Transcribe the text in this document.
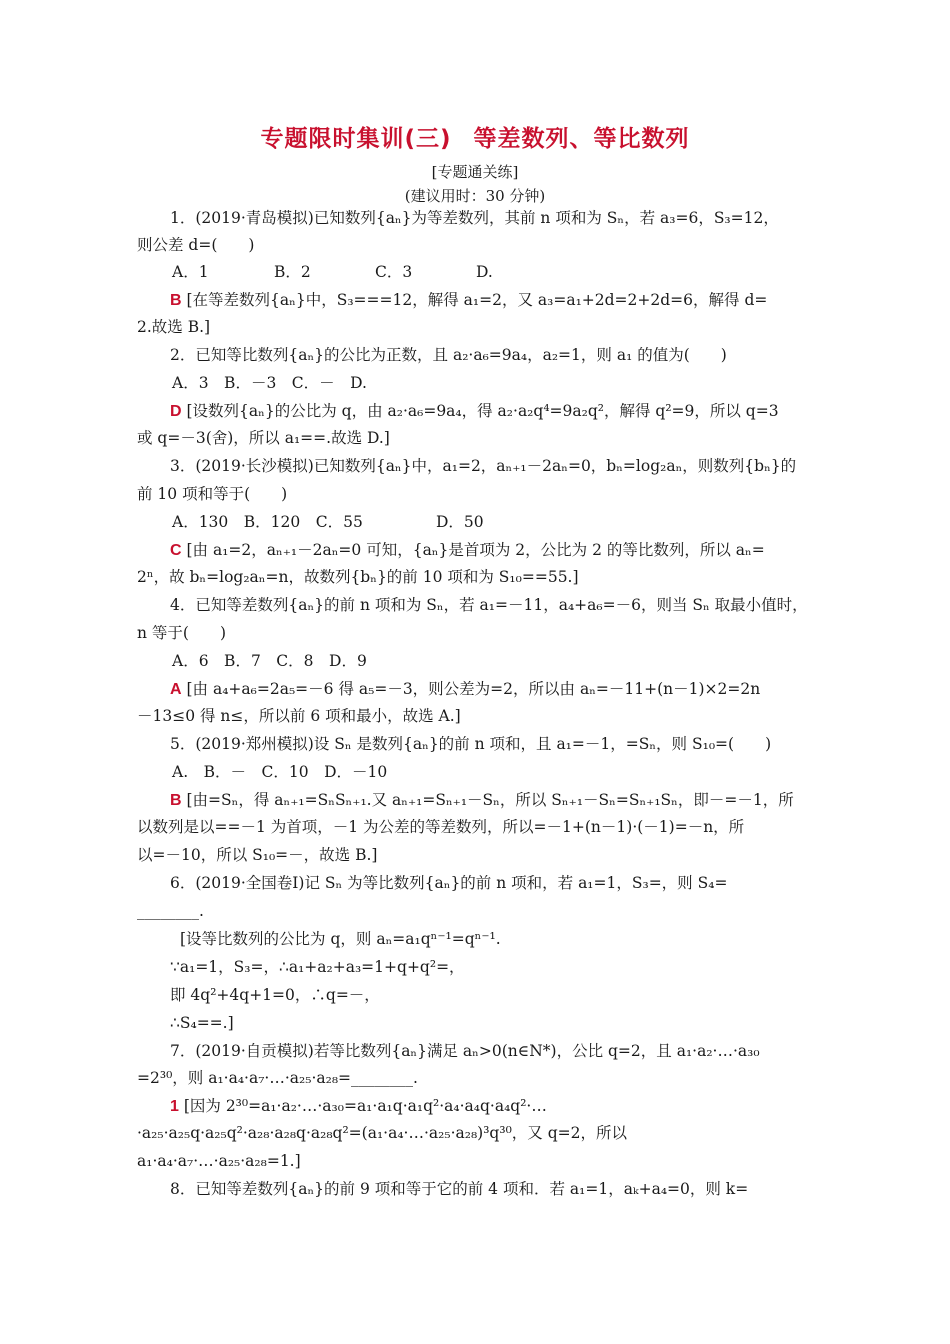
专题限时集训(三) 等差数列、等比数列
[专题通关练]
(建议用时：30 分钟)
1．(2019·青岛模拟)已知数列{aₙ}为等差数列，其前 n 项和为 Sₙ，若 a₃=6，S₃=12，
则公差 d=(　　)
A．1	B．2	C．3	D.
B [在等差数列{aₙ}中，S₃===12，解得 a₁=2，又 a₃=a₁+2d=2+2d=6，解得 d=
2.故选 B.]
2．已知等比数列{aₙ}的公比为正数，且 a₂·a₆=9a₄，a₂=1，则 a₁ 的值为(　　)
A．3　B．－3　C．－　D.
D [设数列{aₙ}的公比为 q，由 a₂·a₆=9a₄，得 a₂·a₂q⁴=9a₂q²，解得 q²=9，所以 q=3
或 q=－3(舍)，所以 a₁==.故选 D.]
3．(2019·长沙模拟)已知数列{aₙ}中，a₁=2，aₙ₊₁－2aₙ=0，bₙ=log₂aₙ，则数列{bₙ}的
前 10 项和等于(　　)
A．130　B．120　C．55	D．50
C [由 a₁=2，aₙ₊₁－2aₙ=0 可知，{aₙ}是首项为 2，公比为 2 的等比数列，所以 aₙ=
2ⁿ，故 bₙ=log₂aₙ=n，故数列{bₙ}的前 10 项和为 S₁₀==55.]
4．已知等差数列{aₙ}的前 n 项和为 Sₙ，若 a₁=－11，a₄+a₆=－6，则当 Sₙ 取最小值时，
n 等于(　　)
A．6　B．7　C．8　D．9
A [由 a₄+a₆=2a₅=－6 得 a₅=－3，则公差为=2，所以由 aₙ=－11+(n－1)×2=2n
－13≤0 得 n≤，所以前 6 项和最小，故选 A.]
5．(2019·郑州模拟)设 Sₙ 是数列{aₙ}的前 n 项和，且 a₁=－1，=Sₙ，则 S₁₀=(　　)
A.　B．－　C．10　D．－10
B [由=Sₙ，得 aₙ₊₁=SₙSₙ₊₁.又 aₙ₊₁=Sₙ₊₁－Sₙ，所以 Sₙ₊₁－Sₙ=Sₙ₊₁Sₙ，即－=－1，所
以数列是以==－1 为首项，－1 为公差的等差数列，所以=－1+(n－1)·(－1)=－n，所
以=－10，所以 S₁₀=－，故选 B.]
6．(2019·全国卷Ⅰ)记 Sₙ 为等比数列{aₙ}的前 n 项和，若 a₁=1，S₃=，则 S₄=
________.
[设等比数列的公比为 q，则 aₙ=a₁qⁿ⁻¹=qⁿ⁻¹.
∵a₁=1，S₃=，∴a₁+a₂+a₃=1+q+q²=，
即 4q²+4q+1=0，∴q=－，
∴S₄==.]
7．(2019·自贡模拟)若等比数列{aₙ}满足 aₙ>0(n∈N*)，公比 q=2，且 a₁·a₂·…·a₃₀
=2³⁰，则 a₁·a₄·a₇·…·a₂₅·a₂₈=________.
1 [因为 2³⁰=a₁·a₂·…·a₃₀=a₁·a₁q·a₁q²·a₄·a₄q·a₄q²·…
·a₂₅·a₂₅q·a₂₅q²·a₂₈·a₂₈q·a₂₈q²=(a₁·a₄·…·a₂₅·a₂₈)³q³⁰，又 q=2，所以
a₁·a₄·a₇·…·a₂₅·a₂₈=1.]
8．已知等差数列{aₙ}的前 9 项和等于它的前 4 项和．若 a₁=1，aₖ+a₄=0，则 k=
